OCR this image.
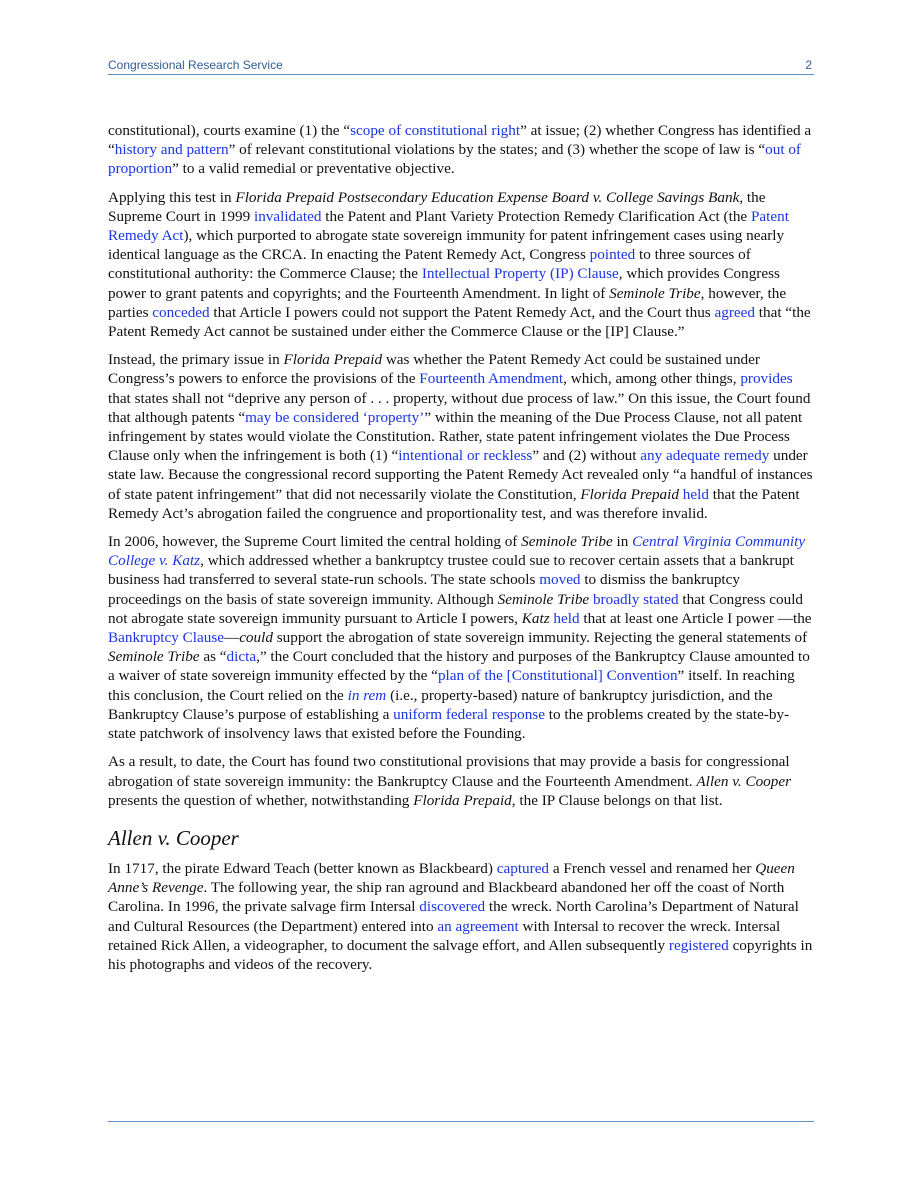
Congressional Research Service	2

constitutional), courts examine (1) the “scope of constitutional right” at issue; (2) whether Congress has identified a “history and pattern” of relevant constitutional violations by the states; and (3) whether the scope of law is “out of proportion” to a valid remedial or preventative objective.

Applying this test in Florida Prepaid Postsecondary Education Expense Board v. College Savings Bank, the Supreme Court in 1999 invalidated the Patent and Plant Variety Protection Remedy Clarification Act (the Patent Remedy Act), which purported to abrogate state sovereign immunity for patent infringement cases using nearly identical language as the CRCA. In enacting the Patent Remedy Act, Congress pointed to three sources of constitutional authority: the Commerce Clause; the Intellectual Property (IP) Clause, which provides Congress power to grant patents and copyrights; and the Fourteenth Amendment. In light of Seminole Tribe, however, the parties conceded that Article I powers could not support the Patent Remedy Act, and the Court thus agreed that “the Patent Remedy Act cannot be sustained under either the Commerce Clause or the [IP] Clause.”

Instead, the primary issue in Florida Prepaid was whether the Patent Remedy Act could be sustained under Congress’s powers to enforce the provisions of the Fourteenth Amendment, which, among other things, provides that states shall not “deprive any person of . . . property, without due process of law.” On this issue, the Court found that although patents “may be considered ‘property’” within the meaning of the Due Process Clause, not all patent infringement by states would violate the Constitution. Rather, state patent infringement violates the Due Process Clause only when the infringement is both (1) “intentional or reckless” and (2) without any adequate remedy under state law. Because the congressional record supporting the Patent Remedy Act revealed only “a handful of instances of state patent infringement” that did not necessarily violate the Constitution, Florida Prepaid held that the Patent Remedy Act’s abrogation failed the congruence and proportionality test, and was therefore invalid.

In 2006, however, the Supreme Court limited the central holding of Seminole Tribe in Central Virginia Community College v. Katz, which addressed whether a bankruptcy trustee could sue to recover certain assets that a bankrupt business had transferred to several state-run schools. The state schools moved to dismiss the bankruptcy proceedings on the basis of state sovereign immunity. Although Seminole Tribe broadly stated that Congress could not abrogate state sovereign immunity pursuant to Article I powers, Katz held that at least one Article I power —the Bankruptcy Clause—could support the abrogation of state sovereign immunity. Rejecting the general statements of Seminole Tribe as “dicta,” the Court concluded that the history and purposes of the Bankruptcy Clause amounted to a waiver of state sovereign immunity effected by the “plan of the [Constitutional] Convention” itself. In reaching this conclusion, the Court relied on the in rem (i.e., property-based) nature of bankruptcy jurisdiction, and the Bankruptcy Clause’s purpose of establishing a uniform federal response to the problems created by the state-by-state patchwork of insolvency laws that existed before the Founding.

As a result, to date, the Court has found two constitutional provisions that may provide a basis for congressional abrogation of state sovereign immunity: the Bankruptcy Clause and the Fourteenth Amendment. Allen v. Cooper presents the question of whether, notwithstanding Florida Prepaid, the IP Clause belongs on that list.

Allen v. Cooper

In 1717, the pirate Edward Teach (better known as Blackbeard) captured a French vessel and renamed her Queen Anne’s Revenge. The following year, the ship ran aground and Blackbeard abandoned her off the coast of North Carolina. In 1996, the private salvage firm Intersal discovered the wreck. North Carolina’s Department of Natural and Cultural Resources (the Department) entered into an agreement with Intersal to recover the wreck. Intersal retained Rick Allen, a videographer, to document the salvage effort, and Allen subsequently registered copyrights in his photographs and videos of the recovery.
